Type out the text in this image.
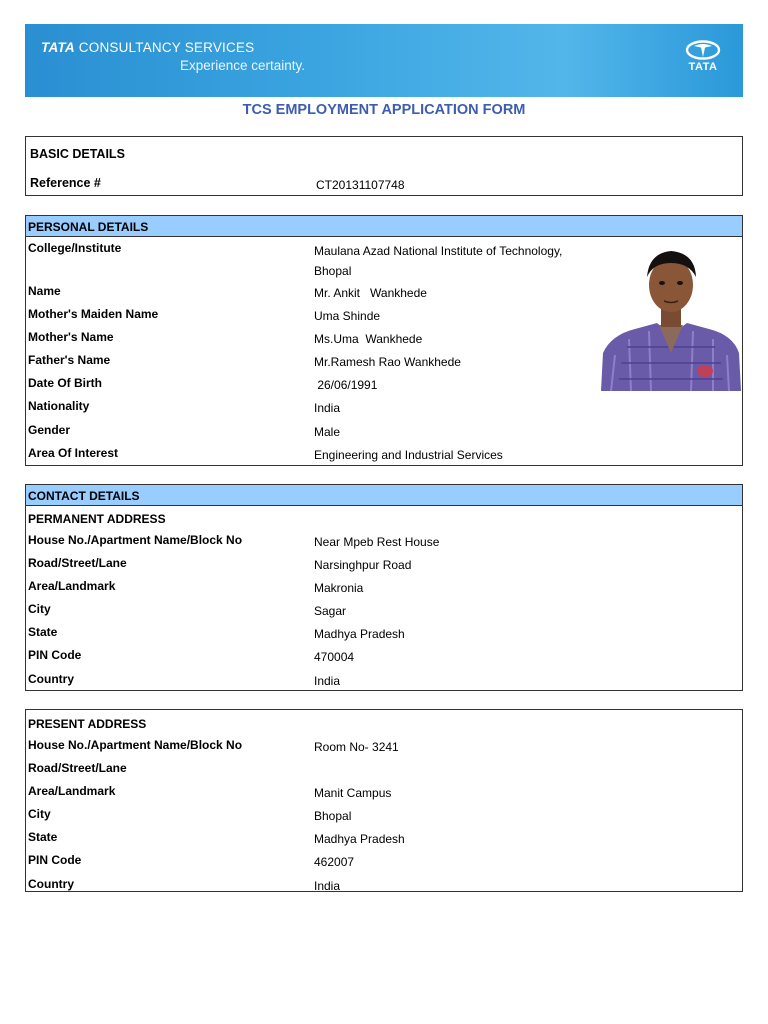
TATA CONSULTANCY SERVICES
Experience certainty.	TATA
TCS EMPLOYMENT APPLICATION FORM
BASIC DETAILS
Reference #	CT20131107748
PERSONAL DETAILS
College/Institute	Maulana Azad National Institute of Technology, Bhopal
Name	Mr. Ankit   Wankhede
Mother's Maiden Name	Uma Shinde
Mother's Name	Ms.Uma  Wankhede
Father's Name	Mr.Ramesh Rao Wankhede
Date Of Birth	26/06/1991
Nationality	India
Gender	Male
Area Of Interest	Engineering and Industrial Services
CONTACT DETAILS
PERMANENT ADDRESS
House No./Apartment Name/Block No	Near Mpeb Rest House
Road/Street/Lane	Narsinghpur Road
Area/Landmark	Makronia
City	Sagar
State	Madhya Pradesh
PIN Code	470004
Country	India
PRESENT ADDRESS
House No./Apartment Name/Block No	Room No- 3241
Road/Street/Lane
Area/Landmark	Manit Campus
City	Bhopal
State	Madhya Pradesh
PIN Code	462007
Country	India
